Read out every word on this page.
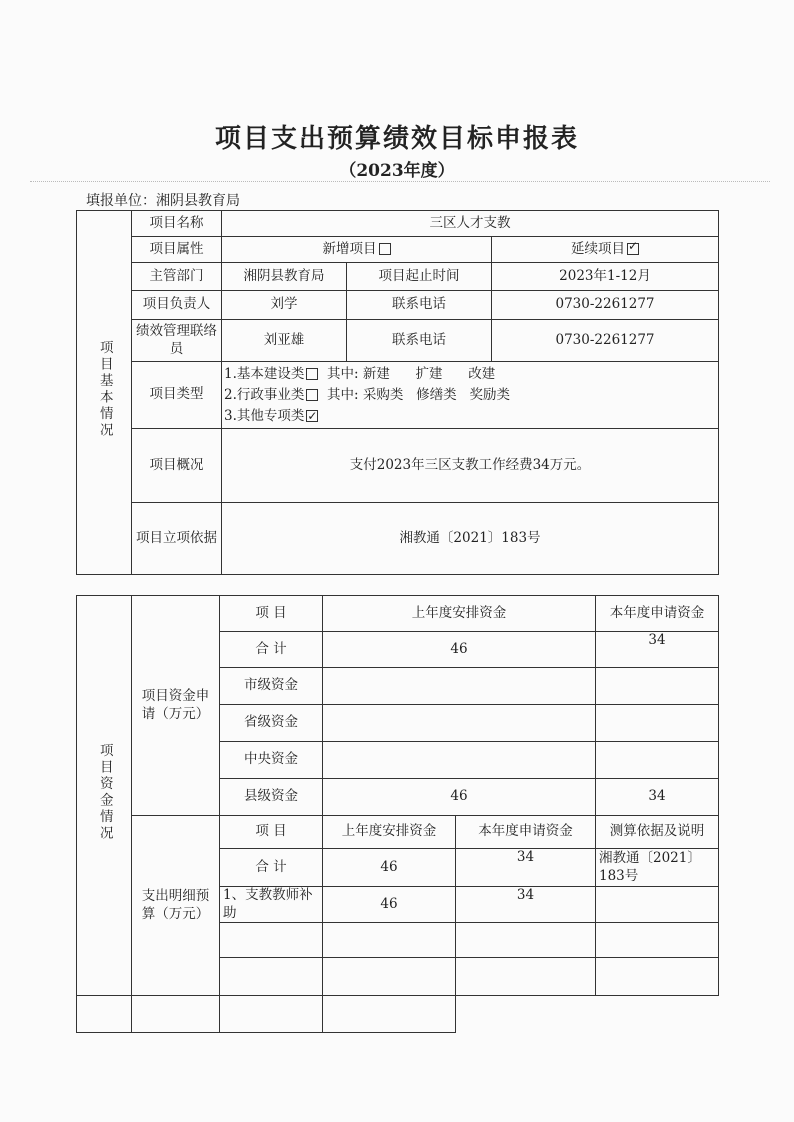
项目支出预算绩效目标申报表
（2023年度）
填报单位：湘阴县教育局
项目基本情况	项目名称	三区人才支教		
	项目属性	新增项目		延续项目✓
	主管部门	湘阴县教育局	项目起止时间	2023年1-12月
	项目负责人	刘学	联系电话	0730-2261277
	绩效管理联络员	刘亚雄	联系电话	0730-2261277
	项目类型	1.基本建设类  其中: 新建      扩建      改建
2.行政事业类  其中: 采购类   修缮类   奖励类
3.其他专项类 ✓
	项目概况	支付2023年三区支教工作经费34万元。		
	项目立项依据	湘教通〔2021〕183号		
项目资金情况	项目资金申请（万元）	项 目	上年度安排资金		本年度申请资金
		合 计	46		34
		市级资金			
		省级资金			
		中央资金			
		县级资金	46		34

	支出明细预算（万元）	项 目	上年度安排资金	本年度申请资金	测算依据及说明
		合 计	46	34	湘教通〔2021〕183号
		1、支教教师补助	46	34	
